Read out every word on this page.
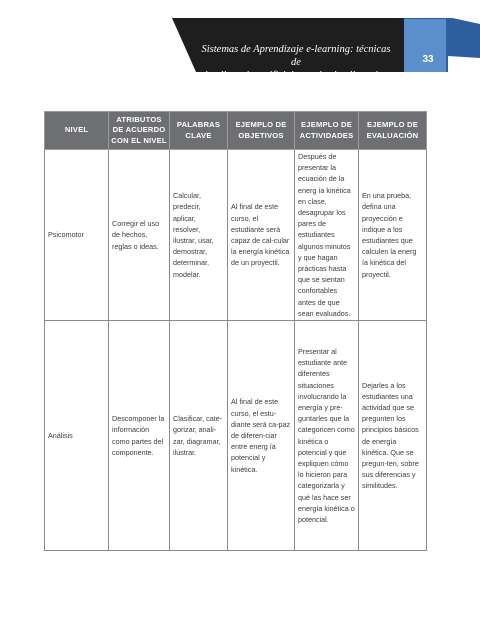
Sistemas de Aprendizaje e-learning: técnicas de
inteligencia artificial para las inteligencias múltiples
33
NIVEL	ATRIBUTOS DE ACUERDO CON EL NIVEL	PALABRAS CLAVE	EJEMPLO DE OBJETIVOS	EJEMPLO DE ACTIVIDADES	EJEMPLO DE EVALUACIÓN
Psicomotor	Corregir el uso de hechos, reglas o ideas.	Calcular, predecir, aplicar, resolver, ilustrar, usar, demostrar, determinar, modelar.	Al final de este curso, el estudiante será capaz de cal-cular la energía kinética de un proyectil.	Después de presentar la ecuación de la energ ía kinética en clase, desagrupar los pares de estudiantes algunos minutos y que hagan prácticas hasta que se sientan confortables antes de que sean evaluados.	En una prueba, defina una proyección e indique a los estudiantes que calculen la energ ía kinética del proyectil.
Análisis	Descomponer la información como partes del componente.	Clasificar, cate-gorizar, anali-zar, diagramar, ilustrar.	Al final de este curso, el estu-diante será ca-paz de diferen-ciar entre energ ía potencial y kinética.	Presentar al estudiante ante diferentes situaciones involucrando la energía y pre-guntarles que la categoricen como kinética o potencial y que expliquen cómo lo hicieron para categorizarla y qué las hace ser energía kinética o potencial.	Dejarles a los estudiantes una actividad que se pregunten los principios básicos de energía kinética. Que se pregun-ten, sobre sus diferencias y similitudes.
